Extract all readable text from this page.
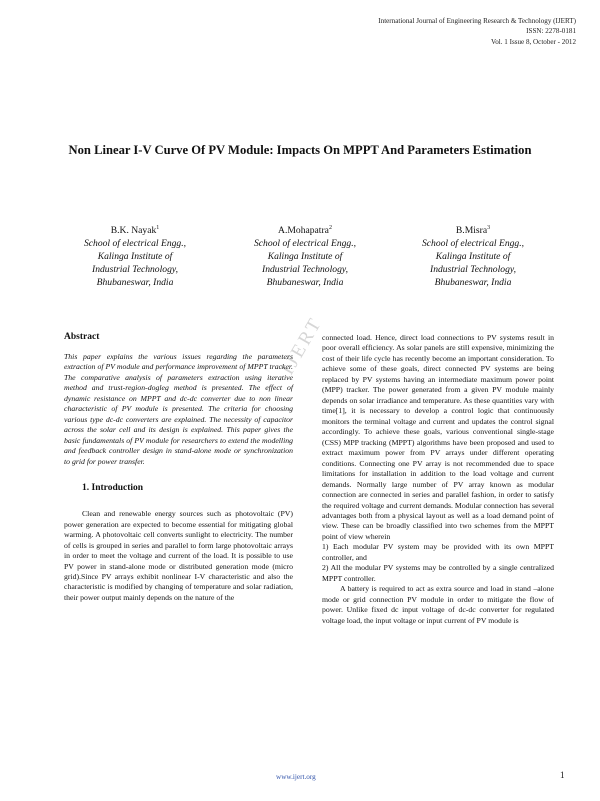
International Journal of Engineering Research & Technology (IJERT)
ISSN: 2278-0181
Vol. 1 Issue 8, October - 2012
Non Linear I-V Curve Of PV Module: Impacts On MPPT And Parameters Estimation
B.K. Nayak$^1$
School of electrical Engg.,
Kalinga Institute of
Industrial Technology,
Bhubaneswar, India
A.Mohapatra$^2$
School of electrical Engg.,
Kalinga Institute of
Industrial Technology,
Bhubaneswar, India
B.Misra$^3$
School of electrical Engg.,
Kalinga Institute of
Industrial Technology,
Bhubaneswar, India
IJERT
Abstract

This paper explains the various issues regarding the parameters extraction of PV module and performance improvement of MPPT tracker. The comparative analysis of parameters extraction using iterative method and trust-region-dogleg method is presented. The effect of dynamic resistance on MPPT and dc-dc converter due to non linear characteristic of PV module is presented. The criteria for choosing various type dc-dc converters are explained. The necessity of capacitor across the solar cell and its design is explained. This paper gives the basic fundamentals of PV module for researchers to extend the modelling and feedback controller design in stand-alone mode or synchronization to grid for power transfer.

1. Introduction

Clean and renewable energy sources such as photovoltaic (PV) power generation are expected to become essential for mitigating global warming. A photovoltaic cell converts sunlight to electricity. The number of cells is grouped in series and parallel to form large photovoltaic arrays in order to meet the voltage and current of the load. It is possible to use PV power in stand-alone mode or distributed generation mode (micro grid).Since PV arrays exhibit nonlinear I-V characteristic and also the characteristic is modified by changing of temperature and solar radiation, their power output mainly depends on the nature of the

connected load. Hence, direct load connections to PV systems result in poor overall efficiency. As solar panels are still expensive, minimizing the cost of their life cycle has recently become an important consideration. To achieve some of these goals, direct connected PV systems are being replaced by PV systems having an intermediate maximum power point (MPP) tracker. The power generated from a given PV module mainly depends on solar irradiance and temperature. As these quantities vary with time[1], it is necessary to develop a control logic that continuously monitors the terminal voltage and current and updates the control signal accordingly. To achieve these goals, various conventional single-stage (CSS) MPP tracking (MPPT) algorithms have been proposed and used to extract maximum power from PV arrays under different operating conditions. Connecting one PV array is not recommended due to space limitations for installation in addition to the load voltage and current demands. Normally large number of PV array known as modular connection are connected in series and parallel fashion, in order to satisfy the required voltage and current demands. Modular connection has several advantages both from a physical layout as well as a load demand point of view. These can be broadly classified into two schemes from the MPPT point of view wherein

1) Each modular PV system may be provided with its own MPPT controller, and

2) All the modular PV systems may be controlled by a single centralized MPPT controller.

A battery is required to act as extra source and load in stand –alone mode or grid connection PV module in order to mitigate the flow of power. Unlike fixed dc input voltage of dc-dc converter for regulated voltage load, the input voltage or input current of PV module is

www.ijert.org	1
